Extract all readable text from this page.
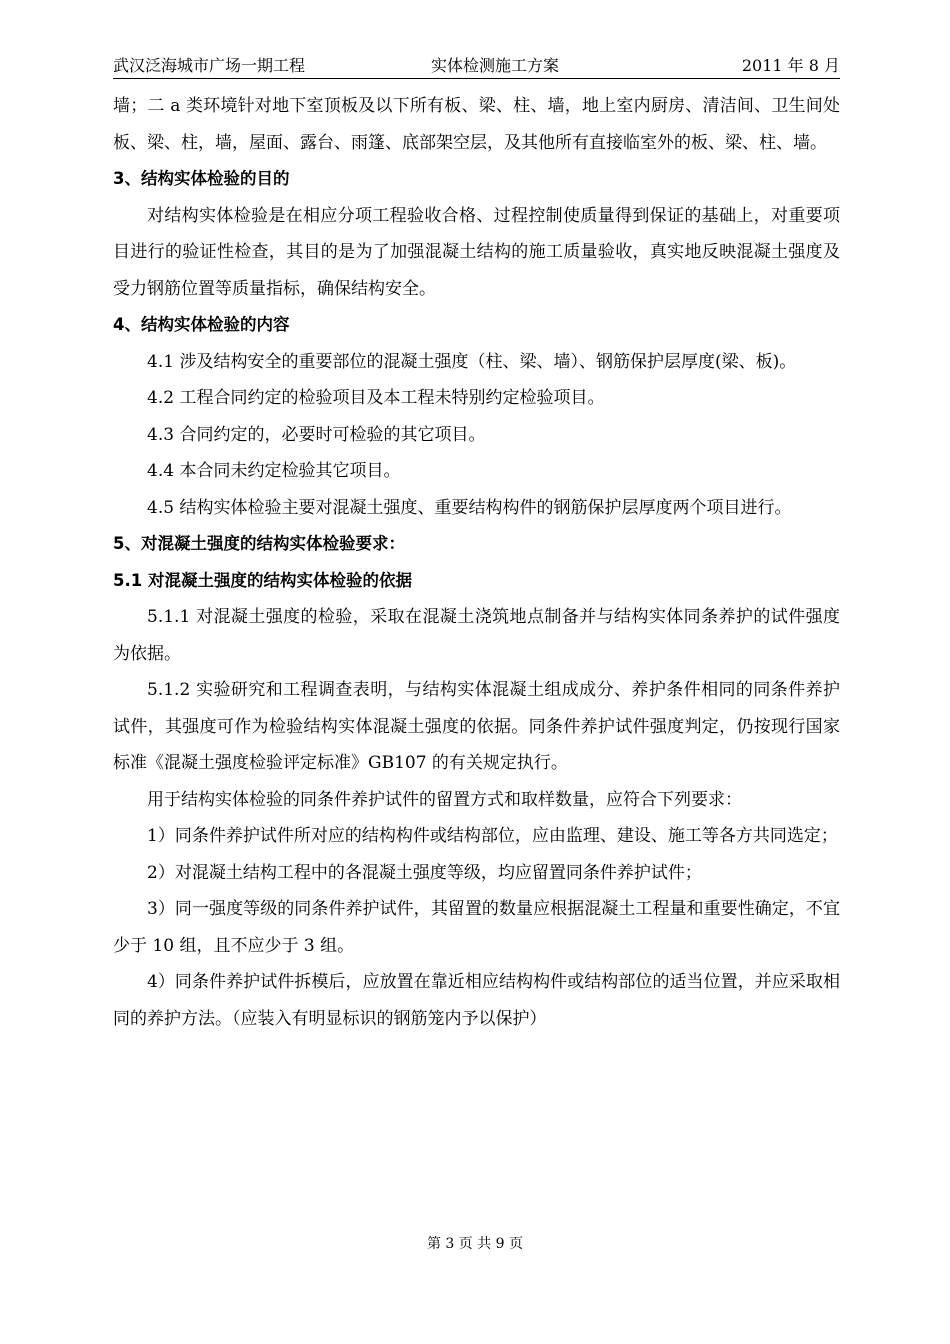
武汉泛海城市广场一期工程	实体检测施工方案	2011 年 8 月

墙；二 a 类环境针对地下室顶板及以下所有板、梁、柱、墙，地上室内厨房、清洁间、卫生间处板、梁、柱，墙，屋面、露台、雨篷、底部架空层，及其他所有直接临室外的板、梁、柱、墙。

3、结构实体检验的目的

对结构实体检验是在相应分项工程验收合格、过程控制使质量得到保证的基础上，对重要项目进行的验证性检查，其目的是为了加强混凝土结构的施工质量验收，真实地反映混凝土强度及受力钢筋位置等质量指标，确保结构安全。

4、结构实体检验的内容

4.1 涉及结构安全的重要部位的混凝土强度（柱、梁、墙）、钢筋保护层厚度(梁、板)。

4.2 工程合同约定的检验项目及本工程未特别约定检验项目。

4.3 合同约定的，必要时可检验的其它项目。

4.4 本合同未约定检验其它项目。

4.5 结构实体检验主要对混凝土强度、重要结构构件的钢筋保护层厚度两个项目进行。

5、对混凝土强度的结构实体检验要求：

5.1 对混凝土强度的结构实体检验的依据

5.1.1 对混凝土强度的检验，采取在混凝土浇筑地点制备并与结构实体同条养护的试件强度为依据。

5.1.2 实验研究和工程调查表明，与结构实体混凝土组成成分、养护条件相同的同条件养护试件，其强度可作为检验结构实体混凝土强度的依据。同条件养护试件强度判定，仍按现行国家标准《混凝土强度检验评定标准》GB107 的有关规定执行。

用于结构实体检验的同条件养护试件的留置方式和取样数量，应符合下列要求：

1）同条件养护试件所对应的结构构件或结构部位，应由监理、建设、施工等各方共同选定；

2）对混凝土结构工程中的各混凝土强度等级，均应留置同条件养护试件；

3）同一强度等级的同条件养护试件，其留置的数量应根据混凝土工程量和重要性确定，不宜少于 10 组，且不应少于 3 组。

4）同条件养护试件拆模后，应放置在靠近相应结构构件或结构部位的适当位置，并应采取相同的养护方法。（应装入有明显标识的钢筋笼内予以保护）

第 3 页 共 9 页
